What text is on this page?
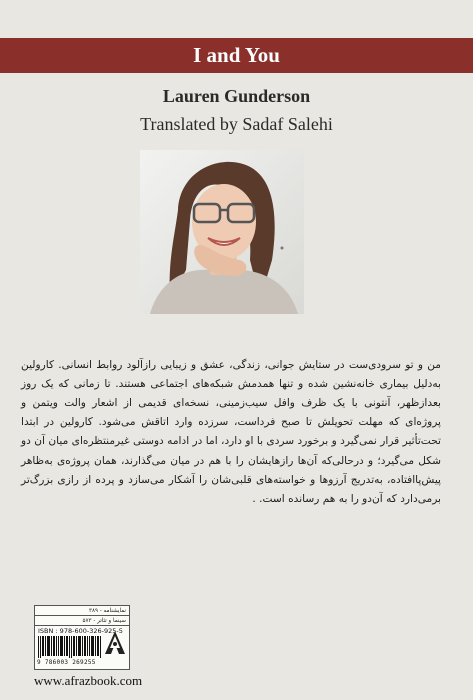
I and You
Lauren Gunderson
Translated by Sadaf Salehi

من و تو سرودی‌ست در ستایش جوانی، زندگی، عشق و زیبایی رازآلود روابط انسانی. کارولین به‌دلیل بیماری خانه‌نشین شده و تنها همدمش شبکه‌های اجتماعی هستند. تا زمانی که یک روز بعدازظهر، آنتونی با یک ظرف وافل سیب‌زمینی، نسخه‌ای قدیمی از اشعار والت ویتمن و پروژه‌ای که مهلت تحویلش تا صبح فرداست، سرزده وارد اتاقش می‌شود. کارولین در ابتدا تحت‌تأثیر قرار نمی‌گیرد و برخورد سردی با او دارد، اما در ادامه دوستی غیرمنتظره‌ای میان آن دو شکل می‌گیرد؛ و درحالی‌که آن‌ها رازهایشان را با هم در میان می‌گذارند، همان پروژه‌ی به‌ظاهر پیش‌پاافتاده، به‌تدریج آرزوها و خواسته‌های قلبی‌شان را آشکار می‌سازد و پرده از رازی بزرگ‌تر برمی‌دارد که آن‌دو را به هم رسانده است. .

نمایشنامه - ۳۸۹
سینما و تئاتر - ۵۷۳
ISBN : 978-600-326-925-5
9 786003 269255
www.afrazbook.com
